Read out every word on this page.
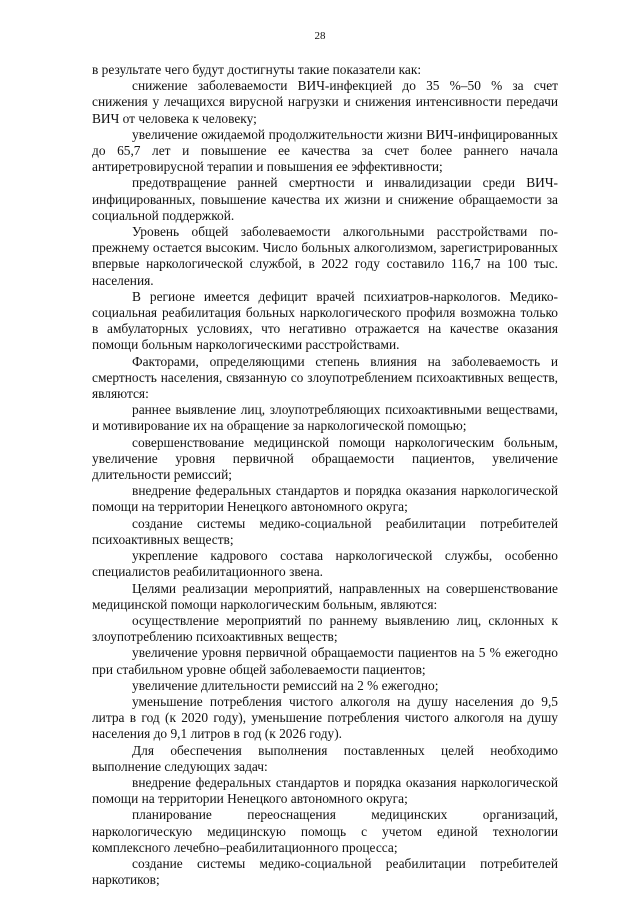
28

в результате чего будут достигнуты такие показатели как:

снижение заболеваемости ВИЧ-инфекцией до 35 %–50 % за счет снижения у лечащихся вирусной нагрузки и снижения интенсивности передачи ВИЧ от человека к человеку;

увеличение ожидаемой продолжительности жизни ВИЧ-инфицированных до 65,7 лет и повышение ее качества за счет более раннего начала антиретровирусной терапии и повышения ее эффективности;

предотвращение ранней смертности и инвалидизации среди ВИЧ-инфицированных, повышение качества их жизни и снижение обращаемости за социальной поддержкой.

Уровень общей заболеваемости алкогольными расстройствами по-прежнему остается высоким. Число больных алкоголизмом, зарегистрированных впервые наркологической службой, в 2022 году составило 116,7 на 100 тыс. населения.

В регионе имеется дефицит врачей психиатров-наркологов. Медико-социальная реабилитация больных наркологического профиля возможна только в амбулаторных условиях, что негативно отражается на качестве оказания помощи больным наркологическими расстройствами.

Факторами, определяющими степень влияния на заболеваемость и смертность населения, связанную со злоупотреблением психоактивных веществ, являются:

раннее выявление лиц, злоупотребляющих психоактивными веществами, и мотивирование их на обращение за наркологической помощью;

совершенствование медицинской помощи наркологическим больным, увеличение уровня первичной обращаемости пациентов, увеличение длительности ремиссий;

внедрение федеральных стандартов и порядка оказания наркологической помощи на территории Ненецкого автономного округа;

создание системы медико-социальной реабилитации потребителей психоактивных веществ;

укрепление кадрового состава наркологической службы, особенно специалистов реабилитационного звена.

Целями реализации мероприятий, направленных на совершенствование медицинской помощи наркологическим больным, являются:

осуществление мероприятий по раннему выявлению лиц, склонных к злоупотреблению психоактивных веществ;

увеличение уровня первичной обращаемости пациентов на 5 % ежегодно при стабильном уровне общей заболеваемости пациентов;

увеличение длительности ремиссий на 2 % ежегодно;

уменьшение потребления чистого алкоголя на душу населения до 9,5 литра в год (к 2020 году), уменьшение потребления чистого алкоголя на душу населения до 9,1 литров в год (к 2026 году).

Для обеспечения выполнения поставленных целей необходимо выполнение следующих задач:

внедрение федеральных стандартов и порядка оказания наркологической помощи на территории Ненецкого автономного округа;

планирование переоснащения медицинских организаций, наркологическую медицинскую помощь с учетом единой технологии комплексного лечебно–реабилитационного процесса;

создание системы медико-социальной реабилитации потребителей наркотиков;
